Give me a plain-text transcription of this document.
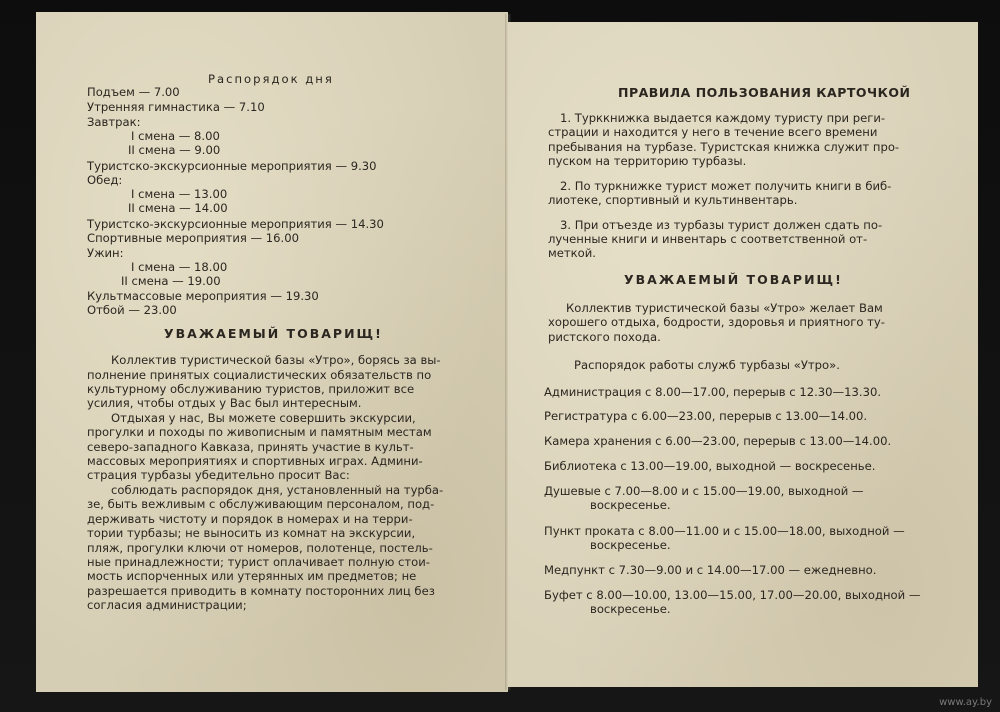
Распорядок дня
Подъем — 7.00
Утренняя гимнастика — 7.10
Завтрак:
I смена — 8.00
II смена — 9.00
Туристско-экскурсионные мероприятия — 9.30
Обед:
I смена — 13.00
II смена — 14.00
Туристско-экскурсионные мероприятия — 14.30
Спортивные мероприятия — 16.00
Ужин:
I смена — 18.00
II смена — 19.00
Культмассовые мероприятия — 19.30
Отбой — 23.00
УВАЖАЕМЫЙ ТОВАРИЩ!
Коллектив туристической базы «Утро», борясь за вы-
полнение принятых социалистических обязательств по
культурному обслуживанию туристов, приложит все
усилия, чтобы отдых у Вас был интересным.
Отдыхая у нас, Вы можете совершить экскурсии,
прогулки и походы по живописным и памятным местам
северо-западного Кавказа, принять участие в культ-
массовых мероприятиях и спортивных играх. Админи-
страция турбазы убедительно просит Вас:
соблюдать распорядок дня, установленный на турба-
зе, быть вежливым с обслуживающим персоналом, под-
держивать чистоту и порядок в номерах и на терри-
тории турбазы; не выносить из комнат на экскурсии,
пляж, прогулки ключи от номеров, полотенце, постель-
ные принадлежности; турист оплачивает полную стои-
мость испорченных или утерянных им предметов; не
разрешается приводить в комнату посторонних лиц без
согласия администрации;
ПРАВИЛА ПОЛЬЗОВАНИЯ КАРТОЧКОЙ
1. Турккнижка выдается каждому туристу при реги-
страции и находится у него в течение всего времени
пребывания на турбазе. Туристская книжка служит про-
пуском на территорию турбазы.
2. По туркнижке турист может получить книги в биб-
лиотеке, спортивный и культинвентарь.
3. При отъезде из турбазы турист должен сдать по-
лученные книги и инвентарь с соответственной от-
меткой.
УВАЖАЕМЫЙ ТОВАРИЩ!
Коллектив туристической базы «Утро» желает Вам
хорошего отдыха, бодрости, здоровья и приятного ту-
ристского похода.
Распорядок работы служб турбазы «Утро».
Администрация с 8.00—17.00, перерыв с 12.30—13.30.
Регистратура с 6.00—23.00, перерыв с 13.00—14.00.
Камера хранения с 6.00—23.00, перерыв с 13.00—14.00.
Библиотека с 13.00—19.00, выходной — воскресенье.
Душевые с 7.00—8.00 и с 15.00—19.00, выходной —
воскресенье.
Пункт проката с 8.00—11.00 и с 15.00—18.00, выходной —
воскресенье.
Медпункт с 7.30—9.00 и с 14.00—17.00 — ежедневно.
Буфет с 8.00—10.00, 13.00—15.00, 17.00—20.00, выходной —
воскресенье.
www.ay.by
